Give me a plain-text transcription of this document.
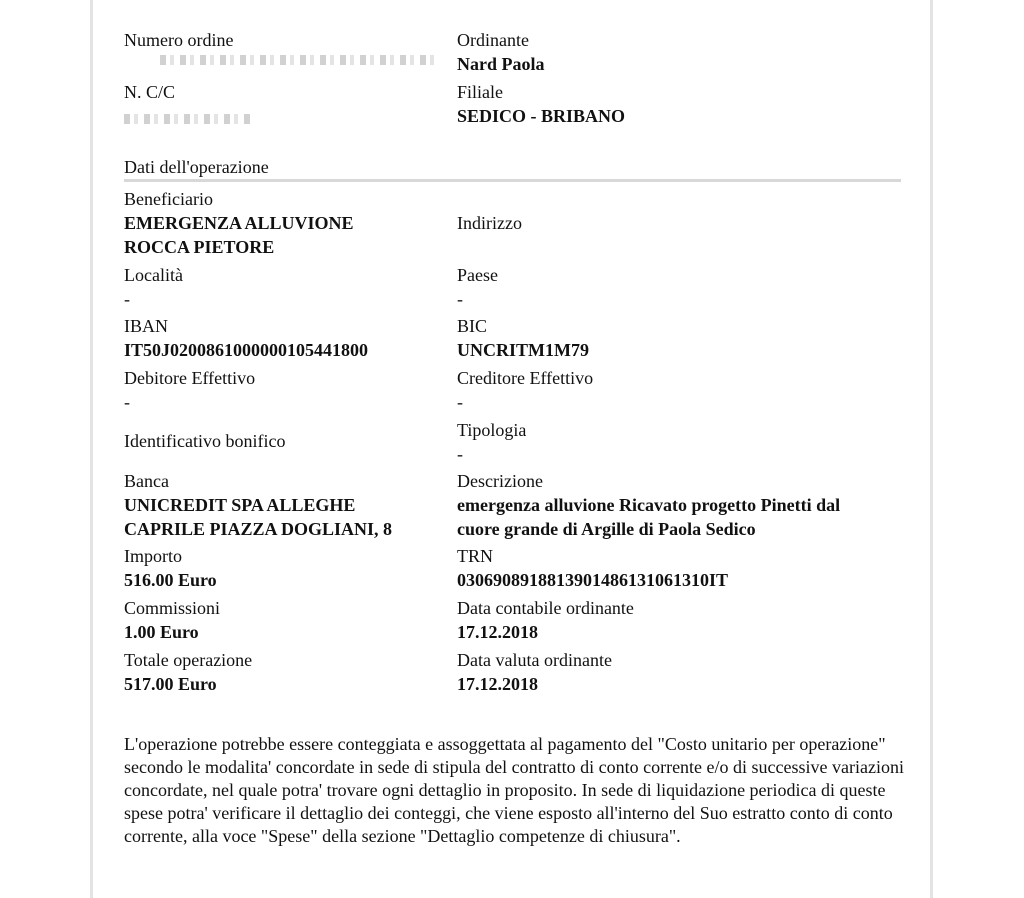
Numero ordine	Ordinante
Nard Paola
N. C/C	Filiale
SEDICO - BRIBANO
Dati dell'operazione
Beneficiario
EMERGENZA ALLUVIONE
ROCCA PIETORE
Indirizzo
Località
-
Paese
-
IBAN
IT50J0200861000000105441800
BIC
UNCRITM1M79
Debitore Effettivo
-
Creditore Effettivo
-
Identificativo bonifico
Tipologia
-
Banca
UNICREDIT SPA ALLEGHE
CAPRILE PIAZZA DOGLIANI, 8
Descrizione
emergenza alluvione Ricavato progetto Pinetti dal
cuore grande di Argille di Paola Sedico
Importo
516.00 Euro
TRN
0306908918813901486131061310IT
Commissioni
1.00 Euro
Data contabile ordinante
17.12.2018
Totale operazione
517.00 Euro
Data valuta ordinante
17.12.2018
L'operazione potrebbe essere conteggiata e assoggettata al pagamento del "Costo unitario per operazione" secondo le modalita' concordate in sede di stipula del contratto di conto corrente e/o di successive variazioni concordate, nel quale potra' trovare ogni dettaglio in proposito. In sede di liquidazione periodica di queste spese potra' verificare il dettaglio dei conteggi, che viene esposto all'interno del Suo estratto conto di conto corrente, alla voce "Spese" della sezione "Dettaglio competenze di chiusura".
